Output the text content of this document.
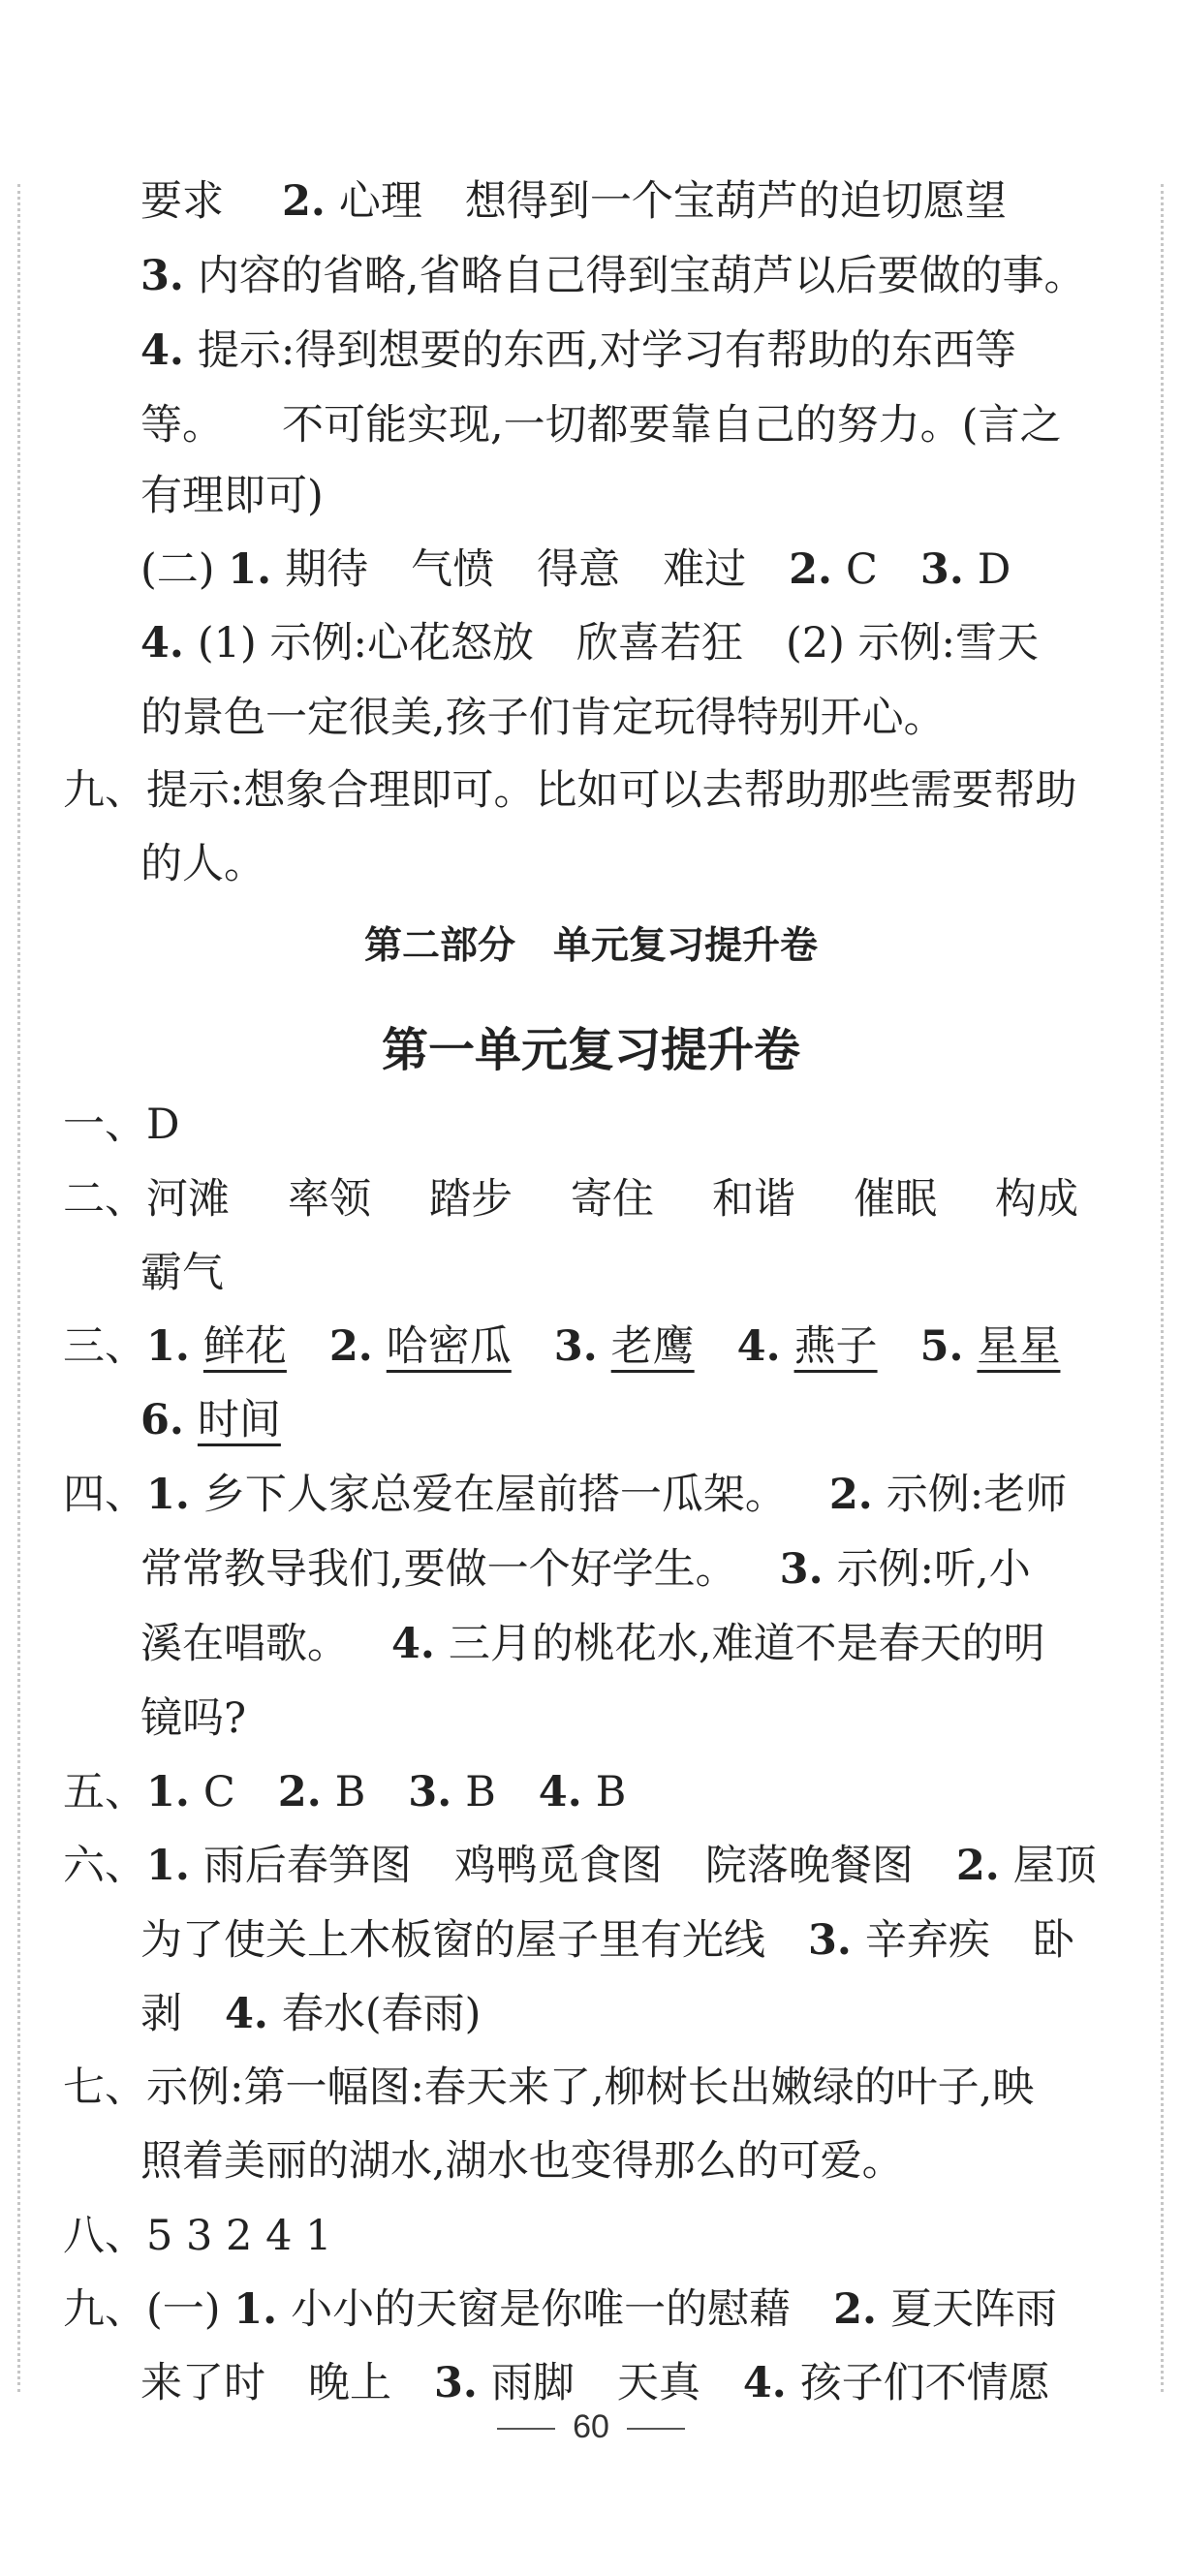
要求 2. 心理 想得到一个宝葫芦的迫切愿望
3. 内容的省略,省略自己得到宝葫芦以后要做的事。
4. 提示:得到想要的东西,对学习有帮助的东西等
等。 不可能实现,一切都要靠自己的努力。(言之
有理即可)
(二) 1. 期待 气愤 得意 难过 2. C 3. D
4. (1) 示例:心花怒放 欣喜若狂 (2) 示例:雪天
的景色一定很美,孩子们肯定玩得特别开心。
九、提示:想象合理即可。比如可以去帮助那些需要帮助
的人。
第二部分　单元复习提升卷
第一单元复习提升卷
一、D
二、河滩 率领 踏步 寄住 和谐 催眠 构成
霸气
三、1. 鲜花 2. 哈密瓜 3. 老鹰 4. 燕子 5. 星星
6. 时间
四、1. 乡下人家总爱在屋前搭一瓜架。 2. 示例:老师
常常教导我们,要做一个好学生。 3. 示例:听,小
溪在唱歌。 4. 三月的桃花水,难道不是春天的明
镜吗?
五、1. C 2. B 3. B 4. B
六、1. 雨后春笋图 鸡鸭觅食图 院落晚餐图 2. 屋顶
为了使关上木板窗的屋子里有光线 3. 辛弃疾 卧
剥 4. 春水(春雨)
七、示例:第一幅图:春天来了,柳树长出嫩绿的叶子,映
照着美丽的湖水,湖水也变得那么的可爱。
八、5 3 2 4 1
九、(一) 1. 小小的天窗是你唯一的慰藉 2. 夏天阵雨
来了时 晚上 3. 雨脚 天真 4. 孩子们不情愿
60
